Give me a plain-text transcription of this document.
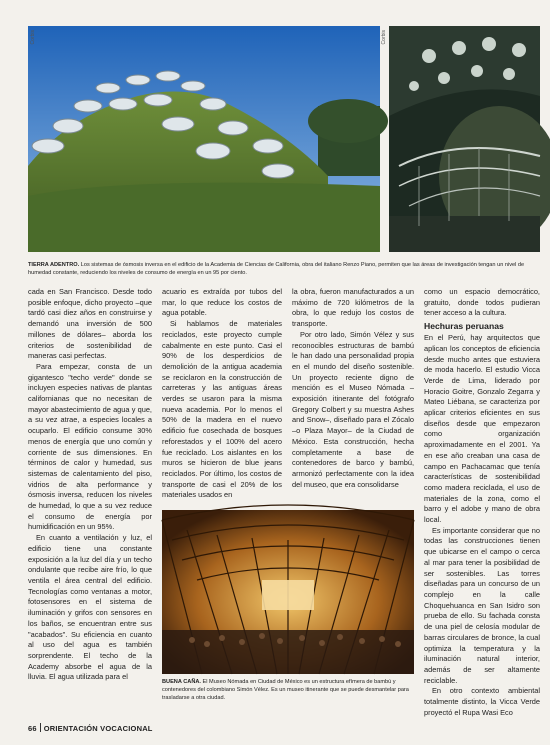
Corbis	Corbis
TIERRA ADENTRO. Los sistemas de ósmosis inversa en el edificio de la Academia de Ciencias de California, obra del italiano Renzo Piano, permiten que las áreas de investigación tengan un nivel de humedad constante, reduciendo los niveles de consumo de energía en un 95 por ciento.

cada en San Francisco. Desde todo posible enfoque, dicho proyecto –que tardó casi diez años en construirse y demandó una inversión de 500 millones de dólares– aborda los criterios de sostenibilidad de maneras casi perfectas.

Para empezar, consta de un gigantesco "techo verde" donde se incluyen especies nativas de plantas californianas que no necesitan de mayor abastecimiento de agua y que, a su vez atrae, a especies locales a ocuparlo. El edificio consume 30% menos de energía que uno común y corriente de sus dimensiones. En términos de calor y humedad, sus sistemas de calentamiento del piso, vidrios de alta performance y ósmosis inversa, reducen los niveles de humedad, lo que a su vez reduce el consumo de energía por humidificación en un 95%.

En cuanto a ventilación y luz, el edificio tiene una constante exposición a la luz del día y un techo ondulante que recibe aire frío, lo que ventila el área central del edificio. Tecnologías como ventanas a motor, fotosensores en el sistema de iluminación y grifos con sensores en los baños, se encuentran entre sus "acabados". Su eficiencia en cuanto al uso del agua es también sorprendente. El techo de la Academy absorbe el agua de la lluvia. El agua utilizada para el

acuario es extraída por tubos del mar, lo que reduce los costos de agua potable.

Si hablamos de materiales reciclados, este proyecto cumple cabalmente en este punto. Casi el 90% de los desperdicios de demolición de la antigua academia se reciclaron en la construcción de carreteras y las antiguas áreas verdes se usaron para la misma nueva academia. Por lo menos el 50% de la madera en el nuevo edificio fue cosechada de bosques reforestados y el 100% del acero fue reciclado. Los aislantes en los muros se hicieron de blue jeans reciclados. Por último, los costos de transporte de casi el 20% de los materiales usados en

la obra, fueron manufacturados a un máximo de 720 kilómetros de la obra, lo que redujo los costos de transporte.

Por otro lado, Simón Vélez y sus reconocibles estructuras de bambú le han dado una personalidad propia en el mundo del diseño sostenible. Un proyecto reciente digno de mención es el Museo Nómada –exposición itinerante del fotógrafo Gregory Colbert y su muestra Ashes and Snow–, diseñado para el Zócalo –o Plaza Mayor– de la Ciudad de México. Esta construcción, hecha completamente a base de contenedores de barco y bambú, armonizó perfectamente con la idea del museo, que era consolidarse

BUENA CAÑA. El Museo Nómada en Ciudad de México es un estructura efímera de bambú y contenedores del colombiano Simón Vélez. Es un museo itinerante que se puede desmantelar para trasladarse a otra ciudad.

como un espacio democrático, gratuito, donde todos pudieran tener acceso a la cultura.

Hechuras peruanas

En el Perú, hay arquitectos que aplican los conceptos de eficiencia desde mucho antes que estuviera de moda hacerlo. El estudio Vicca Verde de Lima, liderado por Horacio Goitre, Gonzalo Zegarra y Mateo Liébana, se caracteriza por aplicar criterios eficientes en sus diseños desde que empezaron como organización aproximadamente en el 2001. Ya en ese año creaban una casa de campo en Pachacamac que tenía características de sostenibilidad como madera reciclada, el uso de materiales de la zona, como el barro y el adobe y mano de obra local.

Es importante considerar que no todas las construcciones tienen que ubicarse en el campo o cerca al mar para tener la posibilidad de ser sostenibles. Las torres diseñadas para un concurso de un complejo en la calle Choquehuanca en San Isidro son prueba de ello. Su fachada consta de una piel de celosía modular de barras circulares de bronce, la cual optimiza la temperatura y la iluminación natural interior, además de ser altamente reciclable.

En otro contexto ambiental totalmente distinto, la Vicca Verde proyectó el Rupa Wasi Eco

66 ORIENTACIÓN VOCACIONAL
